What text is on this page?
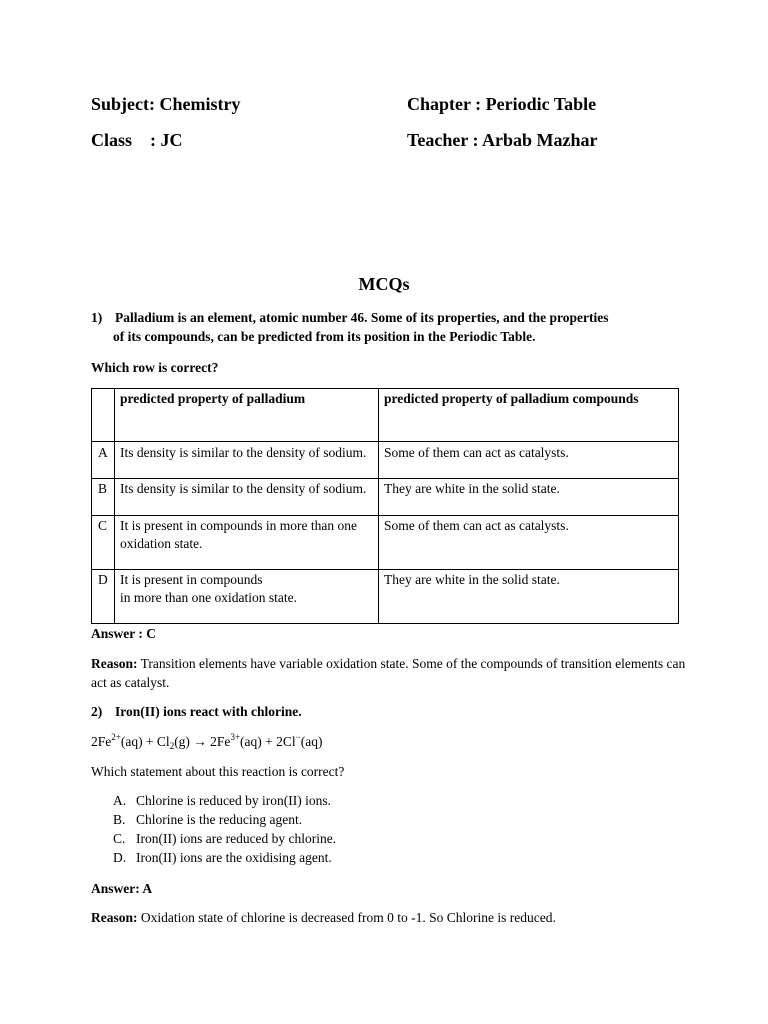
Subject: Chemistry
Class    : JC
Chapter : Periodic Table
Teacher : Arbab Mazhar
MCQs
1) Palladium is an element, atomic number 46. Some of its properties, and the properties
of its compounds, can be predicted from its position in the Periodic Table.
Which row is correct?
	predicted property of palladium	predicted property of palladium compounds
A	Its density is similar to the density of sodium.	Some of them can act as catalysts.
B	Its density is similar to the density of sodium.	They are white in the solid state.
C	It is present in compounds in more than one oxidation state.	Some of them can act as catalysts.
D	It is present in compounds
in more than one oxidation state.	They are white in the solid state.
Answer : C
Reason: Transition elements have variable oxidation state. Some of the compounds of transition elements can act as catalyst.
2) Iron(II) ions react with chlorine.
$2Fe^{2+}(aq) + Cl_2(g) \to 2Fe^{3+}(aq) + 2Cl^-(aq)$
Which statement about this reaction is correct?
A. Chlorine is reduced by iron(II) ions.
B. Chlorine is the reducing agent.
C. Iron(II) ions are reduced by chlorine.
D. Iron(II) ions are the oxidising agent.
Answer: A
Reason: Oxidation state of chlorine is decreased from 0 to -1. So Chlorine is reduced.
